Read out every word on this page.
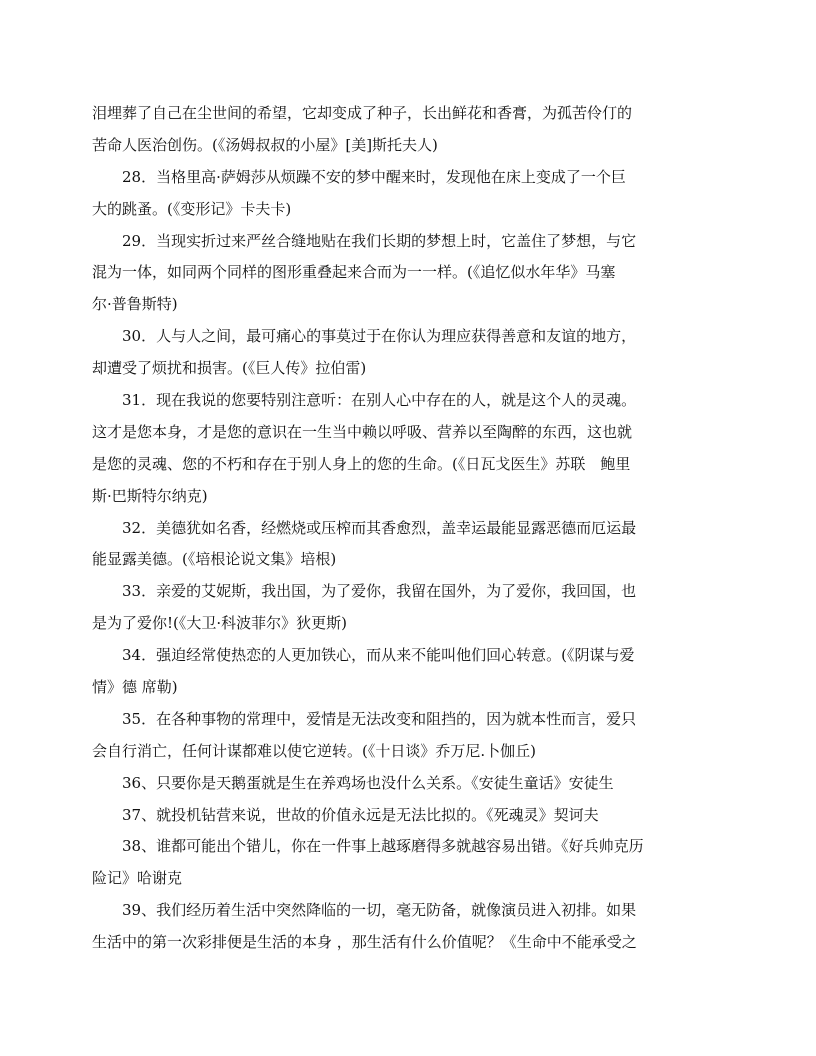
泪埋葬了自己在尘世间的希望，它却变成了种子，长出鲜花和香膏，为孤苦伶仃的
苦命人医治创伤。(《汤姆叔叔的小屋》[美]斯托夫人)
28．当格里高·萨姆莎从烦躁不安的梦中醒来时，发现他在床上变成了一个巨
大的跳蚤。(《变形记》卡夫卡)
29．当现实折过来严丝合缝地贴在我们长期的梦想上时，它盖住了梦想，与它
混为一体，如同两个同样的图形重叠起来合而为一一样。(《追忆似水年华》马塞
尔·普鲁斯特)
30．人与人之间，最可痛心的事莫过于在你认为理应获得善意和友谊的地方，
却遭受了烦扰和损害。(《巨人传》拉伯雷)
31．现在我说的您要特别注意听：在别人心中存在的人，就是这个人的灵魂。
这才是您本身，才是您的意识在一生当中赖以呼吸、营养以至陶醉的东西，这也就
是您的灵魂、您的不朽和存在于别人身上的您的生命。(《日瓦戈医生》苏联　鲍里
斯·巴斯特尔纳克)
32．美德犹如名香，经燃烧或压榨而其香愈烈，盖幸运最能显露恶德而厄运最
能显露美德。(《培根论说文集》培根)
33．亲爱的艾妮斯，我出国，为了爱你，我留在国外，为了爱你，我回国，也
是为了爱你!(《大卫·科波菲尔》狄更斯)
34．强迫经常使热恋的人更加铁心，而从来不能叫他们回心转意。(《阴谋与爱
情》德 席勒)
35．在各种事物的常理中，爱情是无法改变和阻挡的，因为就本性而言，爱只
会自行消亡，任何计谋都难以使它逆转。(《十日谈》乔万尼.卜伽丘)
36、只要你是天鹅蛋就是生在养鸡场也没什么关系。《安徒生童话》安徒生
37、就投机钻营来说，世故的价值永远是无法比拟的。《死魂灵》契诃夫
38、谁都可能出个错儿，你在一件事上越琢磨得多就越容易出错。《好兵帅克历
险记》哈谢克
39、我们经历着生活中突然降临的一切，毫无防备，就像演员进入初排。如果
生活中的第一次彩排便是生活的本身 ，那生活有什么价值呢？《生命中不能承受之
